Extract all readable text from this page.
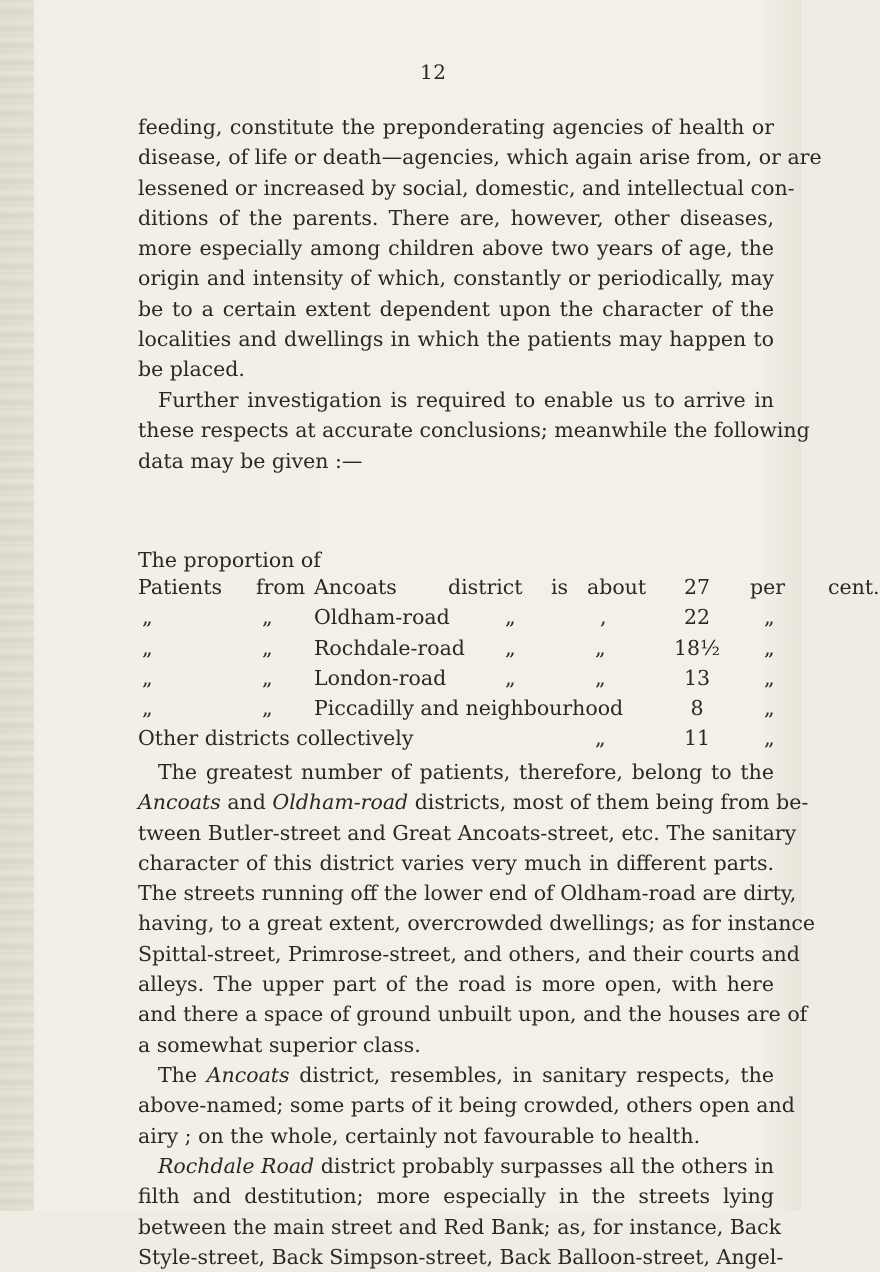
12
feeding, constitute the preponderating agencies of health or
disease, of life or death—agencies, which again arise from, or are
lessened or increased by social, domestic, and intellectual con-
ditions of the parents. There are, however, other diseases,
more especially among children above two years of age, the
origin and intensity of which, constantly or periodically, may
be to a certain extent dependent upon the character of the
localities and dwellings in which the patients may happen to
be placed.
Further investigation is required to enable us to arrive in
these respects at accurate conclusions; meanwhile the following
data may be given :—
The proportion of
Patients from Ancoats district is about	27	per cent.
„	„ Oldham-road	„	,	22	„
„	„ Rochdale-road „	„	18½ „
„	„ London-road	„	„	13	„
„	„ Piccadilly and neighbourhood	8	„
Other districts collectively	„	11	„
The greatest number of patients, therefore, belong to the
Ancoats and Oldham-road districts, most of them being from be-
tween Butler-street and Great Ancoats-street, etc. The sanitary
character of this district varies very much in different parts.
The streets running off the lower end of Oldham-road are dirty,
having, to a great extent, overcrowded dwellings; as for instance
Spittal-street, Primrose-street, and others, and their courts and
alleys. The upper part of the road is more open, with here
and there a space of ground unbuilt upon, and the houses are of
a somewhat superior class.
The Ancoats district, resembles, in sanitary respects, the
above-named; some parts of it being crowded, others open and
airy ; on the whole, certainly not favourable to health.
Rochdale Road district probably surpasses all the others in
filth and destitution; more especially in the streets lying
between the main street and Red Bank; as, for instance, Back
Style-street, Back Simpson-street, Back Balloon-street, Angel-
